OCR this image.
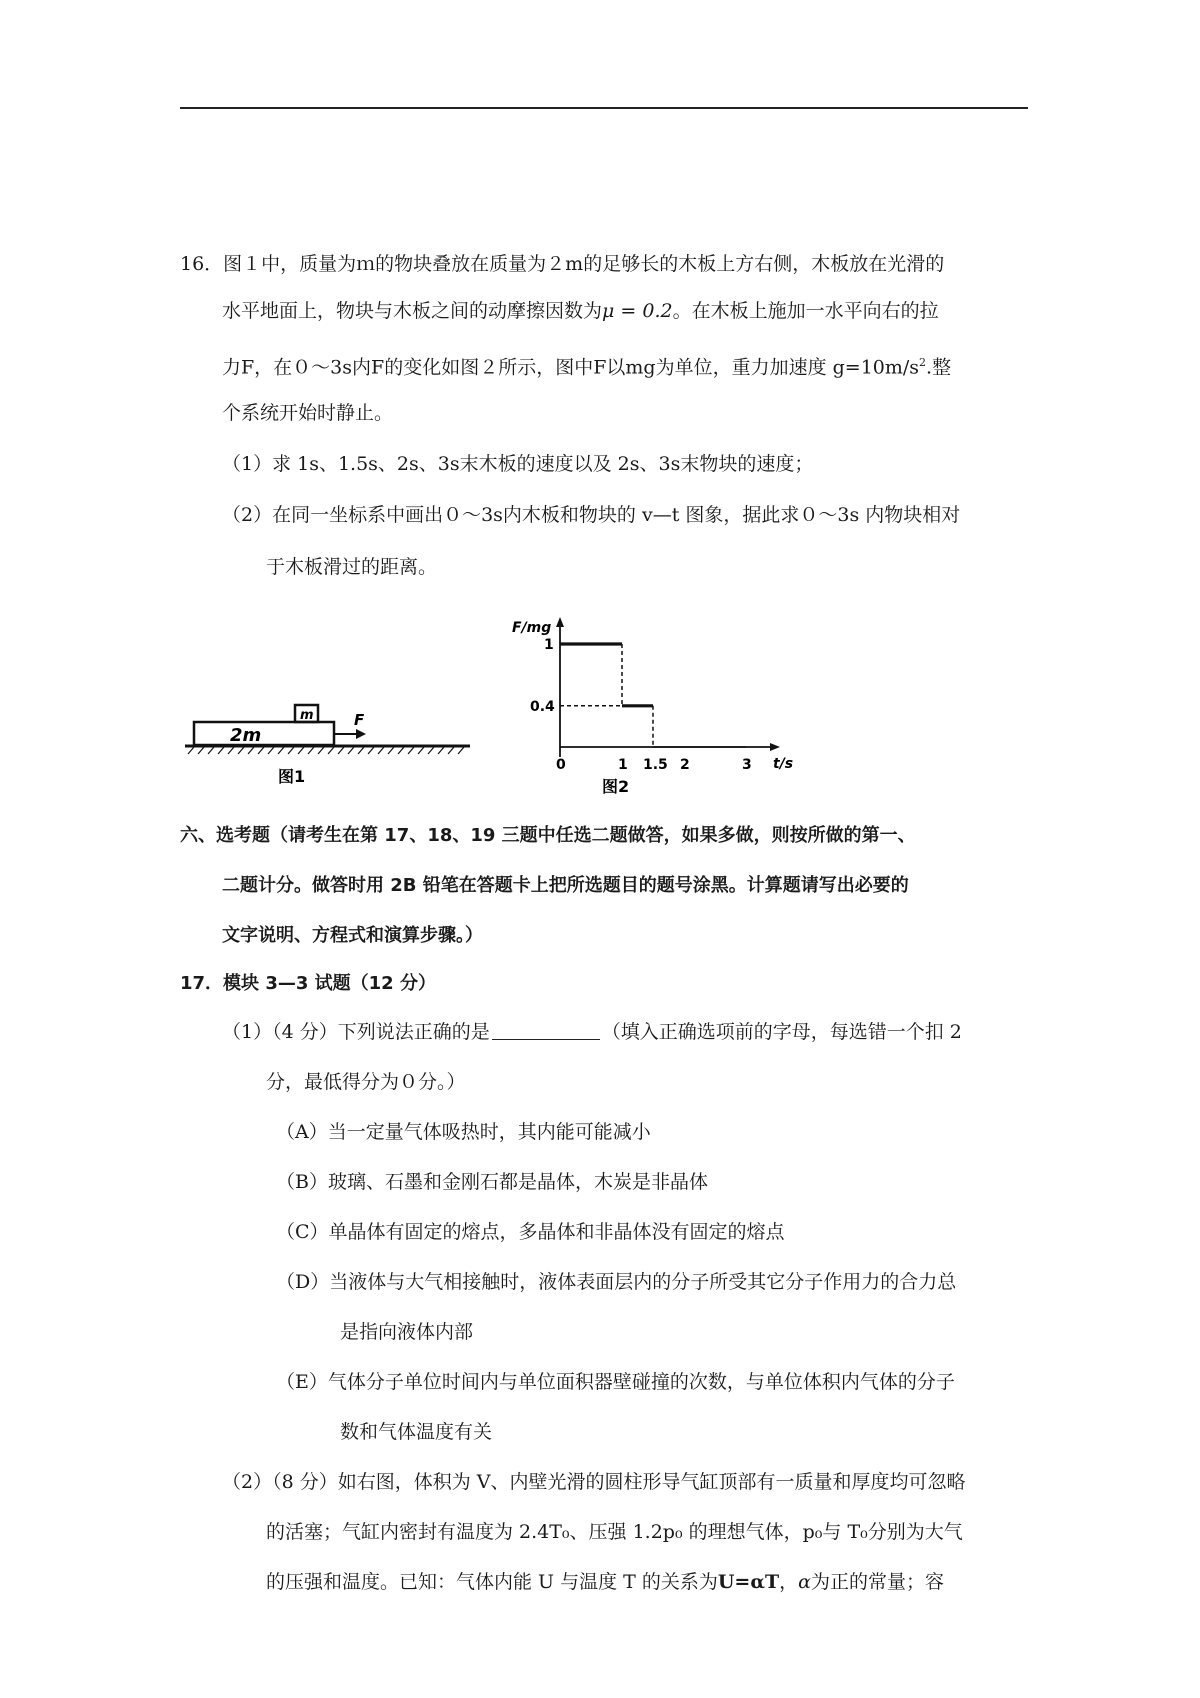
16．图１中，质量为ｍ的物块叠放在质量为２m的足够长的木板上方右侧，木板放在光滑的
水平地面上，物块与木板之间的动摩擦因数为μ = 0.2。在木板上施加一水平向右的拉
力F，在０～3s内F的变化如图２所示，图中F以mg为单位，重力加速度 $g=10m/s^2$.整
个系统开始时静止。
（1）求 1s、1.5s、2s、3s末木板的速度以及 2s、3s末物块的速度；
（2）在同一坐标系中画出０～3s内木板和物块的 v—t 图象，据此求０～3s 内物块相对
于木板滑过的距离。
2m
m	F
图1
F/mg
t/s
0	1 1.5 2	3
1
0.4
图2
六、选考题（请考生在第 17、18、19 三题中任选二题做答，如果多做，则按所做的第一、
二题计分。做答时用 2B 铅笔在答题卡上把所选题目的题号涂黑。计算题请写出必要的
文字说明、方程式和演算步骤。）
17．模块 3—3 试题（12 分）
（1）（4 分）下列说法正确的是	（填入正确选项前的字母，每选错一个扣 2
分，最低得分为０分。）
（A）当一定量气体吸热时，其内能可能减小
（B）玻璃、石墨和金刚石都是晶体，木炭是非晶体
（C）单晶体有固定的熔点，多晶体和非晶体没有固定的熔点
（D）当液体与大气相接触时，液体表面层内的分子所受其它分子作用力的合力总
是指向液体内部
（E）气体分子单位时间内与单位面积器壁碰撞的次数，与单位体积内气体的分子
数和气体温度有关
（2）（8 分）如右图，体积为 V、内壁光滑的圆柱形导气缸顶部有一质量和厚度均可忽略
的活塞；气缸内密封有温度为 2.4T₀、压强 1.2p₀ 的理想气体，p₀与 T₀分别为大气
的压强和温度。已知：气体内能 U 与温度 T 的关系为U=αT，α为正的常量；容
